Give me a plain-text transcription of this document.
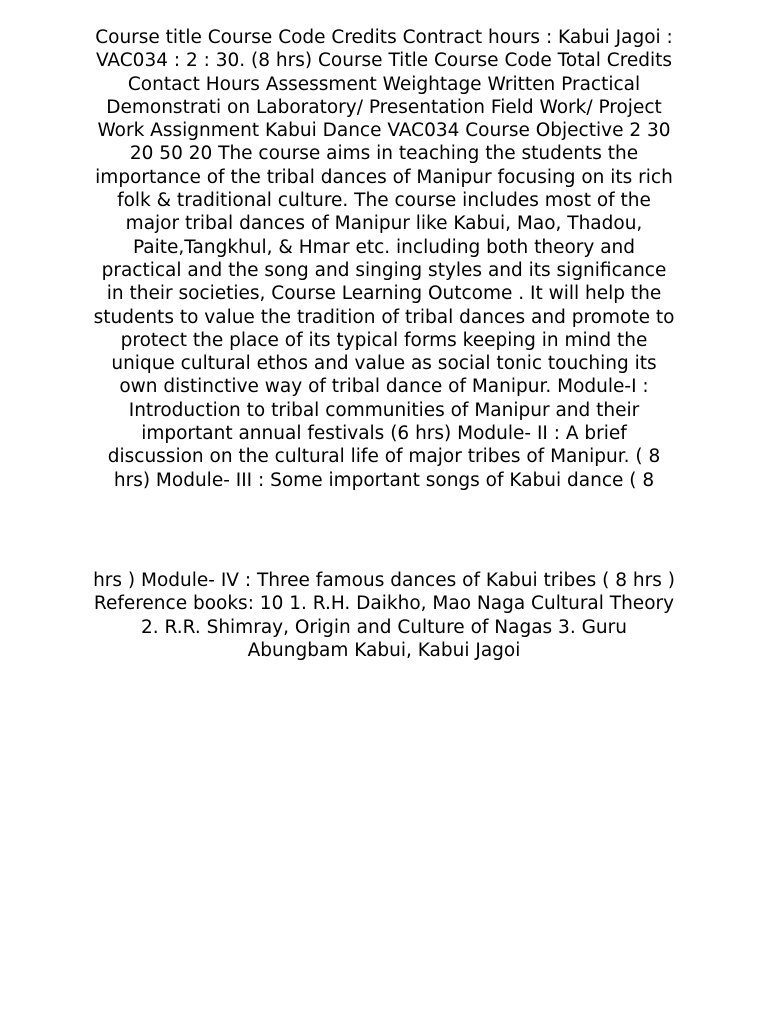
Course title Course Code Credits Contract hours : Kabui Jagoi :
VAC034 : 2 : 30. (8 hrs) Course Title Course Code Total Credits
Contact Hours Assessment Weightage Written Practical
Demonstrati on Laboratory/ Presentation Field Work/ Project
Work Assignment Kabui Dance VAC034 Course Objective 2 30
20 50 20 The course aims in teaching the students the
importance of the tribal dances of Manipur focusing on its rich
folk & traditional culture. The course includes most of the
major tribal dances of Manipur like Kabui, Mao, Thadou,
Paite,Tangkhul, & Hmar etc. including both theory and
practical and the song and singing styles and its significance
in their societies, Course Learning Outcome . It will help the
students to value the tradition of tribal dances and promote to
protect the place of its typical forms keeping in mind the
unique cultural ethos and value as social tonic touching its
own distinctive way of tribal dance of Manipur. Module-I :
Introduction to tribal communities of Manipur and their
important annual festivals (6 hrs) Module- II : A brief
discussion on the cultural life of major tribes of Manipur. ( 8
hrs) Module- III : Some important songs of Kabui dance ( 8

hrs ) Module- IV : Three famous dances of Kabui tribes ( 8 hrs )
Reference books: 10 1. R.H. Daikho, Mao Naga Cultural Theory
2. R.R. Shimray, Origin and Culture of Nagas 3. Guru
Abungbam Kabui, Kabui Jagoi
